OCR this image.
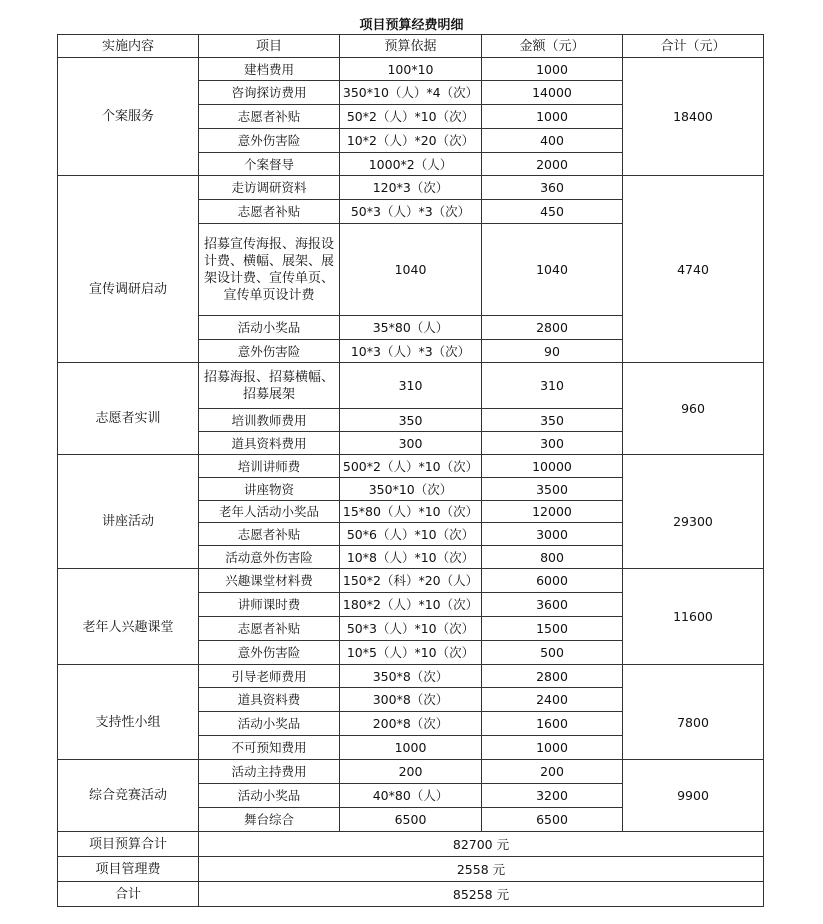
项目预算经费明细
实施内容	项目	预算依据	金额（元）	合计（元）
个案服务	建档费用	100*10	1000	18400
	咨询探访费用	350*10（人）*4（次）	14000	
	志愿者补贴	50*2（人）*10（次）	1000	
	意外伤害险	10*2（人）*20（次）	400	
	个案督导	1000*2（人）	2000	
宣传调研启动	走访调研资料	120*3（次）	360	4740
	志愿者补贴	50*3（人）*3（次）	450	
	招募宣传海报、海报设计费、横幅、展架、展架设计费、宣传单页、宣传单页设计费	1040	1040	
	活动小奖品	35*80（人）	2800	
	意外伤害险	10*3（人）*3（次）	90	
志愿者实训	招募海报、招募横幅、招募展架	310	310	960
	培训教师费用	350	350	
	道具资料费用	300	300	
讲座活动	培训讲师费	500*2（人）*10（次）	10000	29300
	讲座物资	350*10（次）	3500	
	老年人活动小奖品	15*80（人）*10（次）	12000	
	志愿者补贴	50*6（人）*10（次）	3000	
	活动意外伤害险	10*8（人）*10（次）	800	
老年人兴趣课堂	兴趣课堂材料费	150*2（科）*20（人）	6000	11600
	讲师课时费	180*2（人）*10（次）	3600	
	志愿者补贴	50*3（人）*10（次）	1500	
	意外伤害险	10*5（人）*10（次）	500	
支持性小组	引导老师费用	350*8（次）	2800	7800
	道具资料费	300*8（次）	2400	
	活动小奖品	200*8（次）	1600	
	不可预知费用	1000	1000	
综合竞赛活动	活动主持费用	200	200	9900
	活动小奖品	40*80（人）	3200	
	舞台综合	6500	6500	
项目预算合计	82700 元			
项目管理费	2558 元			
合计	85258 元			
